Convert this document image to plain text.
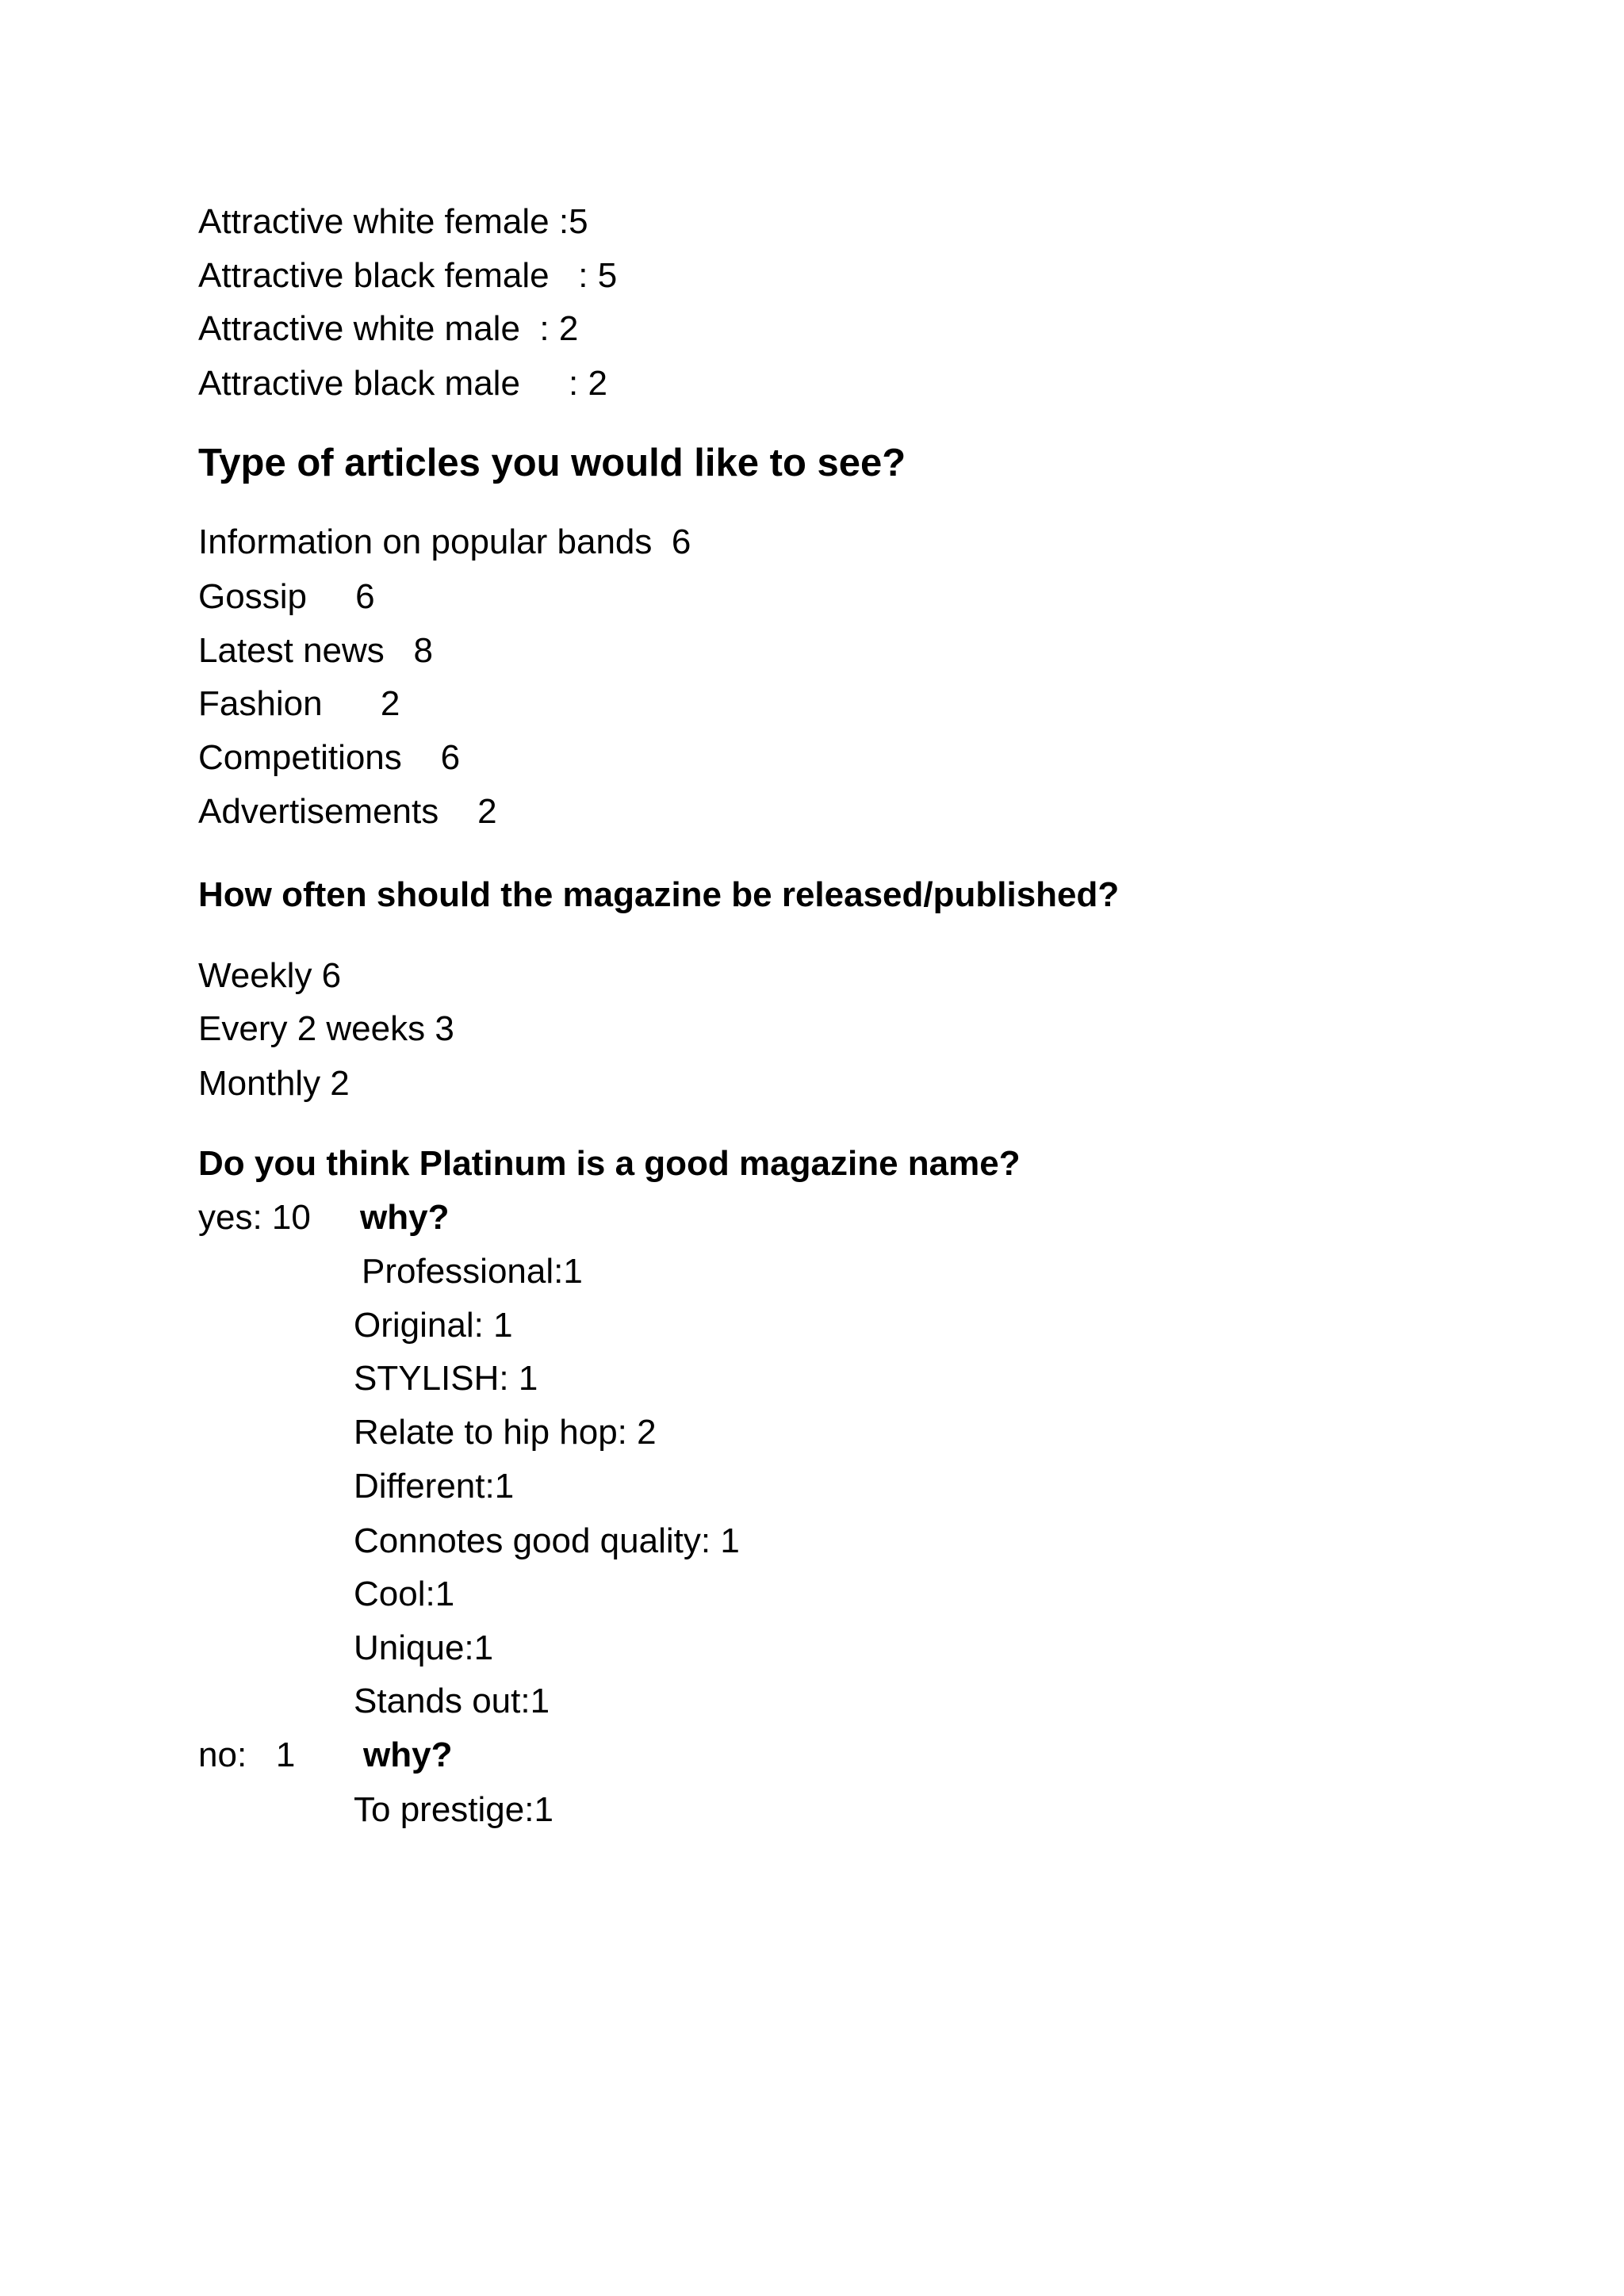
Attractive white female :5
Attractive black female   : 5
Attractive white male  : 2
Attractive black male     : 2
Type of articles you would like to see?
Information on popular bands  6
Gossip     6
Latest news   8
Fashion      2
Competitions    6
Advertisements    2
How often should the magazine be released/published?
Weekly 6
Every 2 weeks 3
Monthly 2
Do you think Platinum is a good magazine name?
yes: 10 why?
Professional:1
Original: 1
STYLISH: 1
Relate to hip hop: 2
Different:1
Connotes good quality: 1
Cool:1
Unique:1
Stands out:1
no:   1 why?
To prestige:1
